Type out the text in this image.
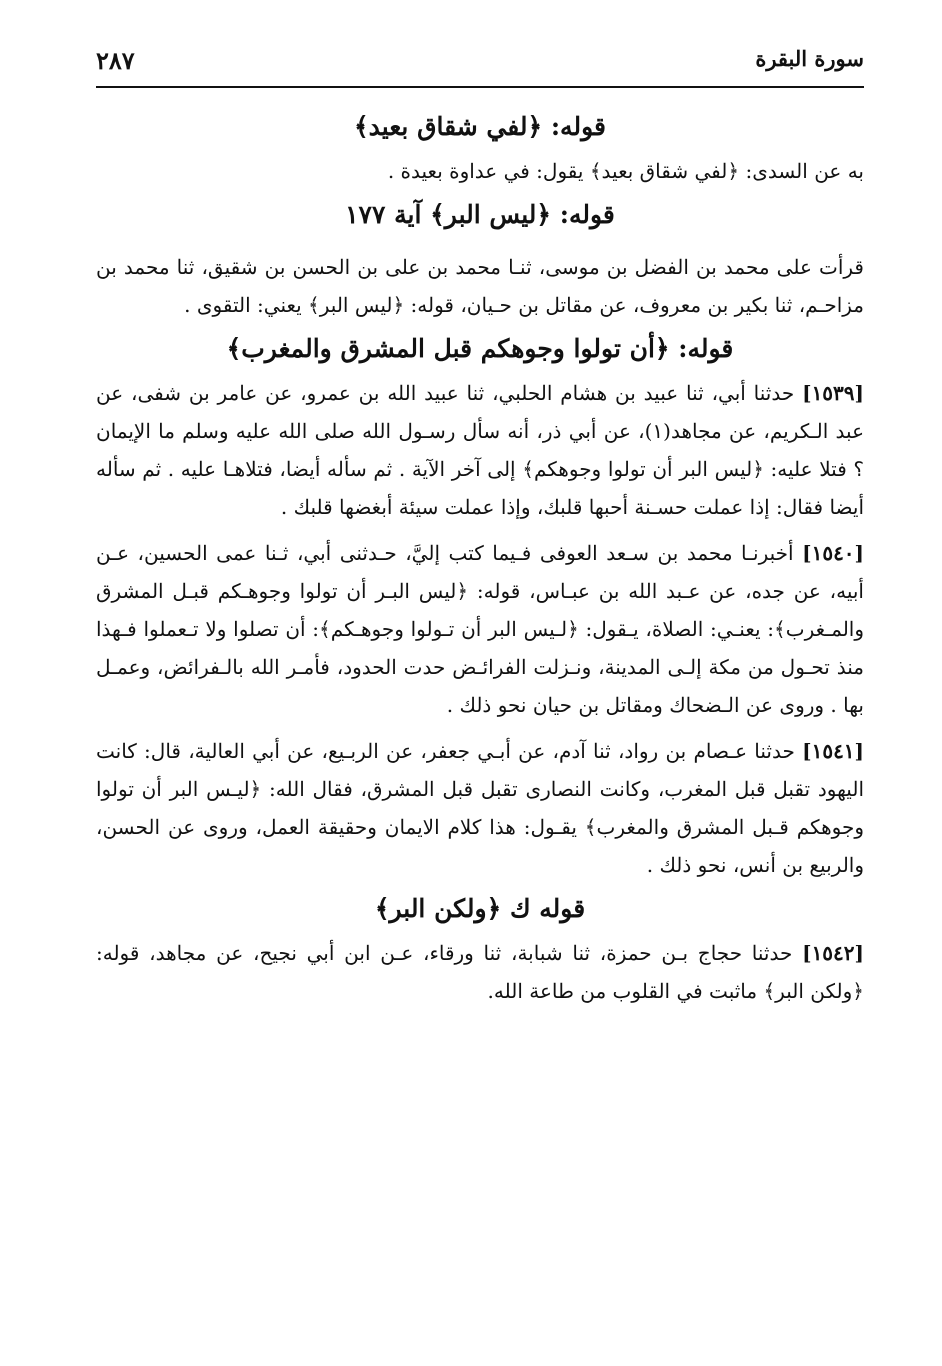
سورة البقرة
٢٨٧
قوله: ﴿لفي شقاق بعيد﴾

به عن السدى: ﴿لفي شقاق بعيد﴾ يقول: في عداوة بعيدة .

قوله: ﴿ليس البر﴾ آية ١٧٧

قرأت على محمد بن الفضل بن موسى، ثنـا محمد بن على بن الحسن بن شقيق، ثنا محمد بن مزاحـم، ثنا بكير بن معروف، عن مقاتل بن حـيان، قوله: ﴿ليس البر﴾ يعني: التقوى .

قوله: ﴿أن تولوا وجوهكم قبل المشرق والمغرب﴾

[١٥٣٩] حدثنا أبي، ثنا عبيد بن هشام الحلبي، ثنا عبيد الله بن عمرو، عن عامر بن شفى، عن عبد الـكريم، عن مجاهد(١)، عن أبي ذر، أنه سأل رسـول الله صلى الله عليه وسلم ما الإيمان ؟ فتلا عليه: ﴿ليس البر أن تولوا وجوهكم﴾ إلى آخر الآية . ثم سأله أيضا، فتلاهـا عليه . ثم سأله أيضا فقال: إذا عملت حسـنة أحبها قلبك، وإذا عملت سيئة أبغضها قلبك .

[١٥٤٠] أخبرنـا محمد بن سـعد العوفى فـيما كتب إليَّ، حـدثنى أبي، ثـنا عمى الحسين، عـن أبيه، عن جده، عن عـبد الله بن عبـاس، قوله: ﴿ليس البـر أن تولوا وجوهـكم قبـل المشرق والمـغرب﴾: يعنـي: الصلاة، يـقول: ﴿لـيس البر أن تـولوا وجوهـكم﴾: أن تصلوا ولا تـعملوا فـهذا منذ تحـول من مكة إلـى المدينة، ونـزلت الفرائـض حدت الحدود، فأمـر الله بالـفرائض، وعمـل بها . وروى عن الـضحاك ومقاتل بن حيان نحو ذلك .

[١٥٤١] حدثنا عـصام بن رواد، ثنا آدم، عن أبـي جعفر، عن الربـيع، عن أبي العالية، قال: كانت اليهود تقبل قبل المغرب، وكانت النصارى تقبل قبل المشرق، فقال الله: ﴿ليـس البر أن تولوا وجوهكم قـبل المشرق والمغرب﴾ يقـول: هذا كلام الايمان وحقيقة العمل، وروى عن الحسن، والربيع بن أنس، نحو ذلك .

قوله ك ﴿ولكن البر﴾

[١٥٤٢] حدثنا حجاج بـن حمزة، ثنا شبابة، ثنا ورقاء، عـن ابن أبي نجيح، عن مجاهد، قوله: ﴿ولكن البر﴾ ماثبت في القلوب من طاعة الله.
